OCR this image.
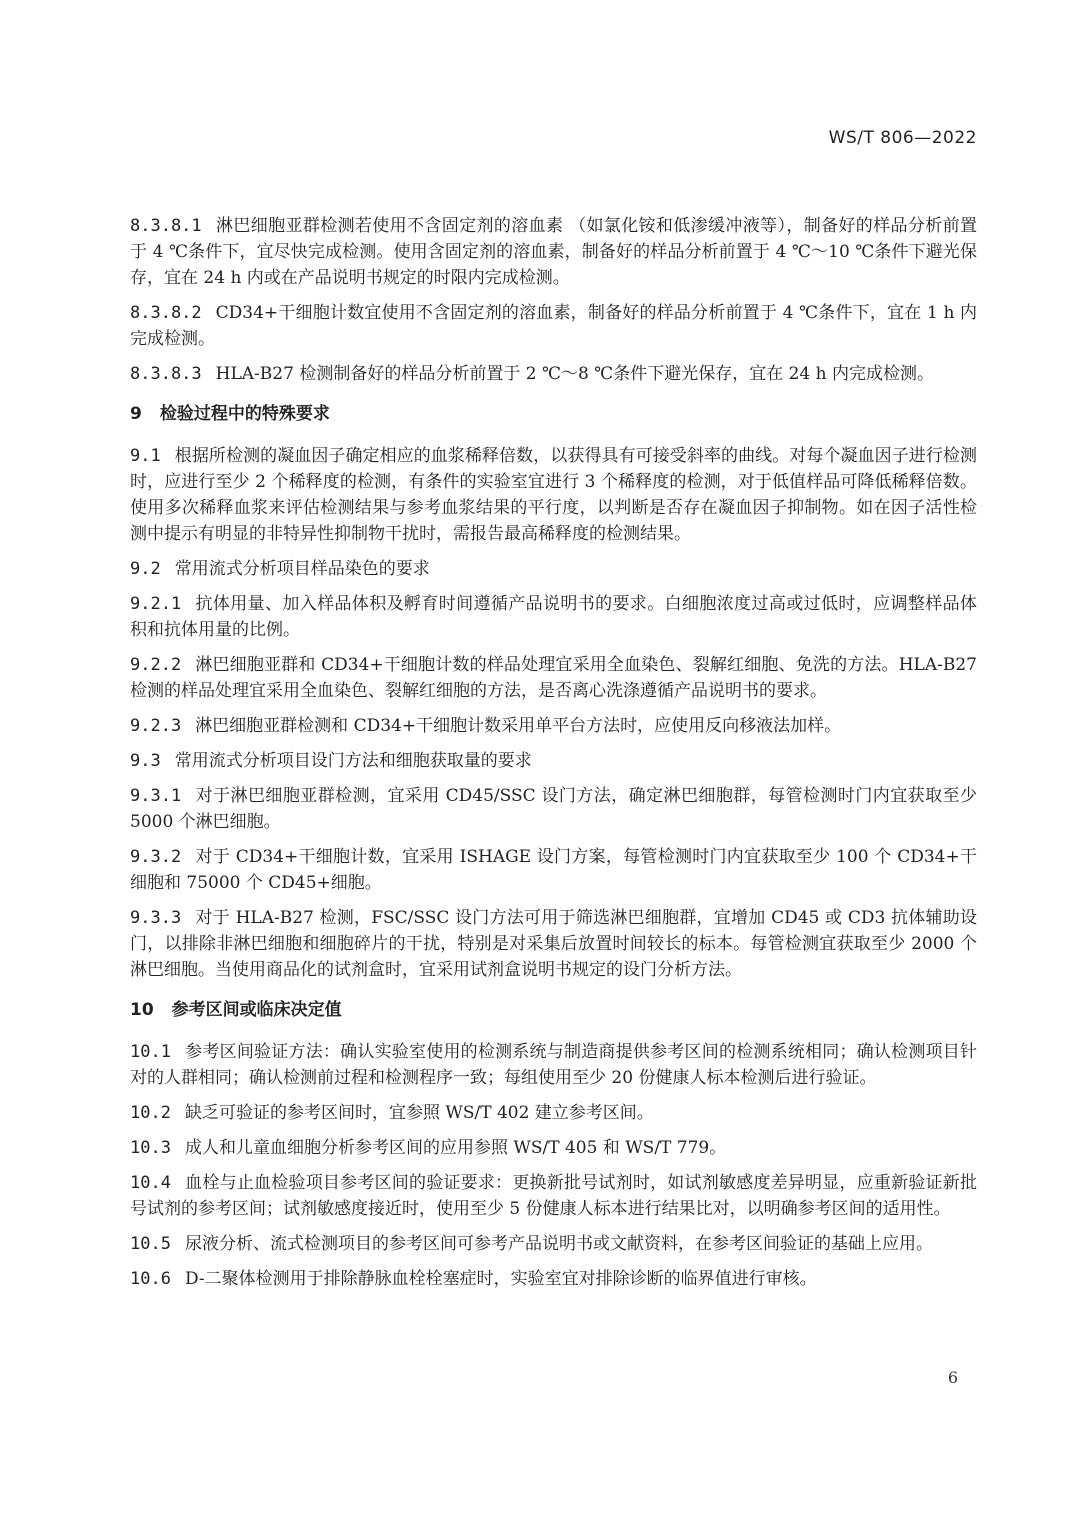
WS/T 806—2022
8.3.8.1 淋巴细胞亚群检测若使用不含固定剂的溶血素 （如氯化铵和低渗缓冲液等），制备好的样品分析前置于 4 ℃条件下，宜尽快完成检测。使用含固定剂的溶血素，制备好的样品分析前置于 4 ℃～10 ℃条件下避光保存，宜在 24 h 内或在产品说明书规定的时限内完成检测。
8.3.8.2 CD34+干细胞计数宜使用不含固定剂的溶血素，制备好的样品分析前置于 4 ℃条件下，宜在 1 h 内完成检测。
8.3.8.3 HLA-B27 检测制备好的样品分析前置于 2 ℃～8 ℃条件下避光保存，宜在 24 h 内完成检测。
9 检验过程中的特殊要求
9.1 根据所检测的凝血因子确定相应的血浆稀释倍数，以获得具有可接受斜率的曲线。对每个凝血因子进行检测时，应进行至少 2 个稀释度的检测，有条件的实验室宜进行 3 个稀释度的检测，对于低值样品可降低稀释倍数。使用多次稀释血浆来评估检测结果与参考血浆结果的平行度，以判断是否存在凝血因子抑制物。如在因子活性检测中提示有明显的非特异性抑制物干扰时，需报告最高稀释度的检测结果。
9.2 常用流式分析项目样品染色的要求
9.2.1 抗体用量、加入样品体积及孵育时间遵循产品说明书的要求。白细胞浓度过高或过低时，应调整样品体积和抗体用量的比例。
9.2.2 淋巴细胞亚群和 CD34+干细胞计数的样品处理宜采用全血染色、裂解红细胞、免洗的方法。HLA-B27 检测的样品处理宜采用全血染色、裂解红细胞的方法，是否离心洗涤遵循产品说明书的要求。
9.2.3 淋巴细胞亚群检测和 CD34+干细胞计数采用单平台方法时，应使用反向移液法加样。
9.3 常用流式分析项目设门方法和细胞获取量的要求
9.3.1 对于淋巴细胞亚群检测，宜采用 CD45/SSC 设门方法，确定淋巴细胞群，每管检测时门内宜获取至少 5000 个淋巴细胞。
9.3.2 对于 CD34+干细胞计数，宜采用 ISHAGE 设门方案，每管检测时门内宜获取至少 100 个 CD34+干细胞和 75000 个 CD45+细胞。
9.3.3 对于 HLA-B27 检测，FSC/SSC 设门方法可用于筛选淋巴细胞群，宜增加 CD45 或 CD3 抗体辅助设门，以排除非淋巴细胞和细胞碎片的干扰，特别是对采集后放置时间较长的标本。每管检测宜获取至少 2000 个淋巴细胞。当使用商品化的试剂盒时，宜采用试剂盒说明书规定的设门分析方法。
10 参考区间或临床决定值
10.1 参考区间验证方法：确认实验室使用的检测系统与制造商提供参考区间的检测系统相同；确认检测项目针对的人群相同；确认检测前过程和检测程序一致；每组使用至少 20 份健康人标本检测后进行验证。
10.2 缺乏可验证的参考区间时，宜参照 WS/T 402 建立参考区间。
10.3 成人和儿童血细胞分析参考区间的应用参照 WS/T 405 和 WS/T 779。
10.4 血栓与止血检验项目参考区间的验证要求：更换新批号试剂时，如试剂敏感度差异明显，应重新验证新批号试剂的参考区间；试剂敏感度接近时，使用至少 5 份健康人标本进行结果比对，以明确参考区间的适用性。
10.5 尿液分析、流式检测项目的参考区间可参考产品说明书或文献资料，在参考区间验证的基础上应用。
10.6 D-二聚体检测用于排除静脉血栓栓塞症时，实验室宜对排除诊断的临界值进行审核。
6
